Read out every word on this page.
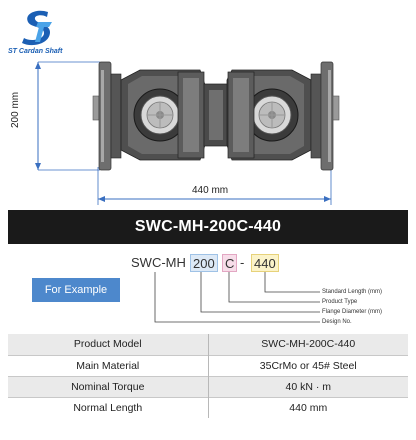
ST Cardan Shaft
200 mm
440 mm
SWC-MH-200C-440
For Example
SWC-MH 200 C - 440
Standard Length (mm)
Product Type
Flange Diameter (mm)
Design No.
Product Model	SWC-MH-200C-440
Main Material	35CrMo or 45# Steel
Nominal Torque	40 kN · m
Normal Length	440 mm
